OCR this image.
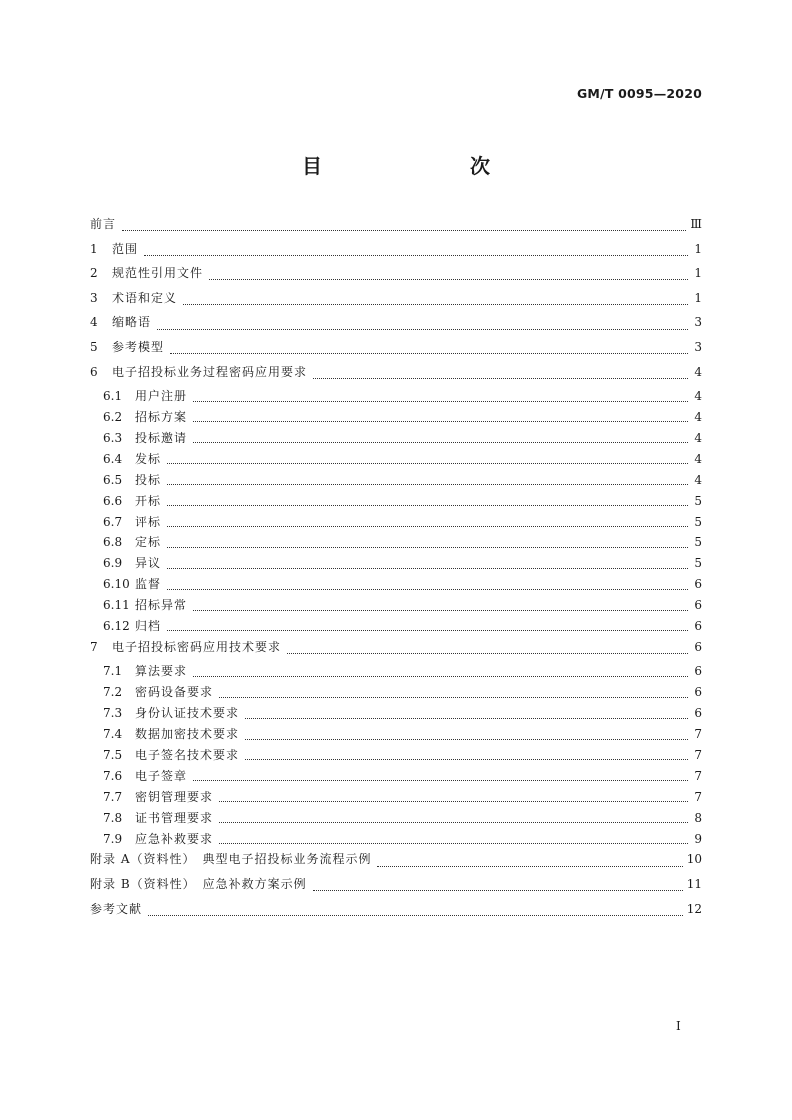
GM/T 0095—2020
目　　次
前言	Ⅲ
1	范围	1
2	规范性引用文件	1
3	术语和定义	1
4	缩略语	3
5	参考模型	3
6	电子招投标业务过程密码应用要求	4
6.1	用户注册	4
6.2	招标方案	4
6.3	投标邀请	4
6.4	发标	4
6.5	投标	4
6.6	开标	5
6.7	评标	5
6.8	定标	5
6.9	异议	5
6.10 监督	6
6.11 招标异常	6
6.12 归档	6
7	电子招投标密码应用技术要求	6
7.1	算法要求	6
7.2	密码设备要求	6
7.3	身份认证技术要求	6
7.4	数据加密技术要求	7
7.5	电子签名技术要求	7
7.6	电子签章	7
7.7	密钥管理要求	7
7.8	证书管理要求	8
7.9	应急补救要求	9
附录 A（资料性）　典型电子招投标业务流程示例	10
附录 B（资料性）　应急补救方案示例	11
参考文献	12
I
